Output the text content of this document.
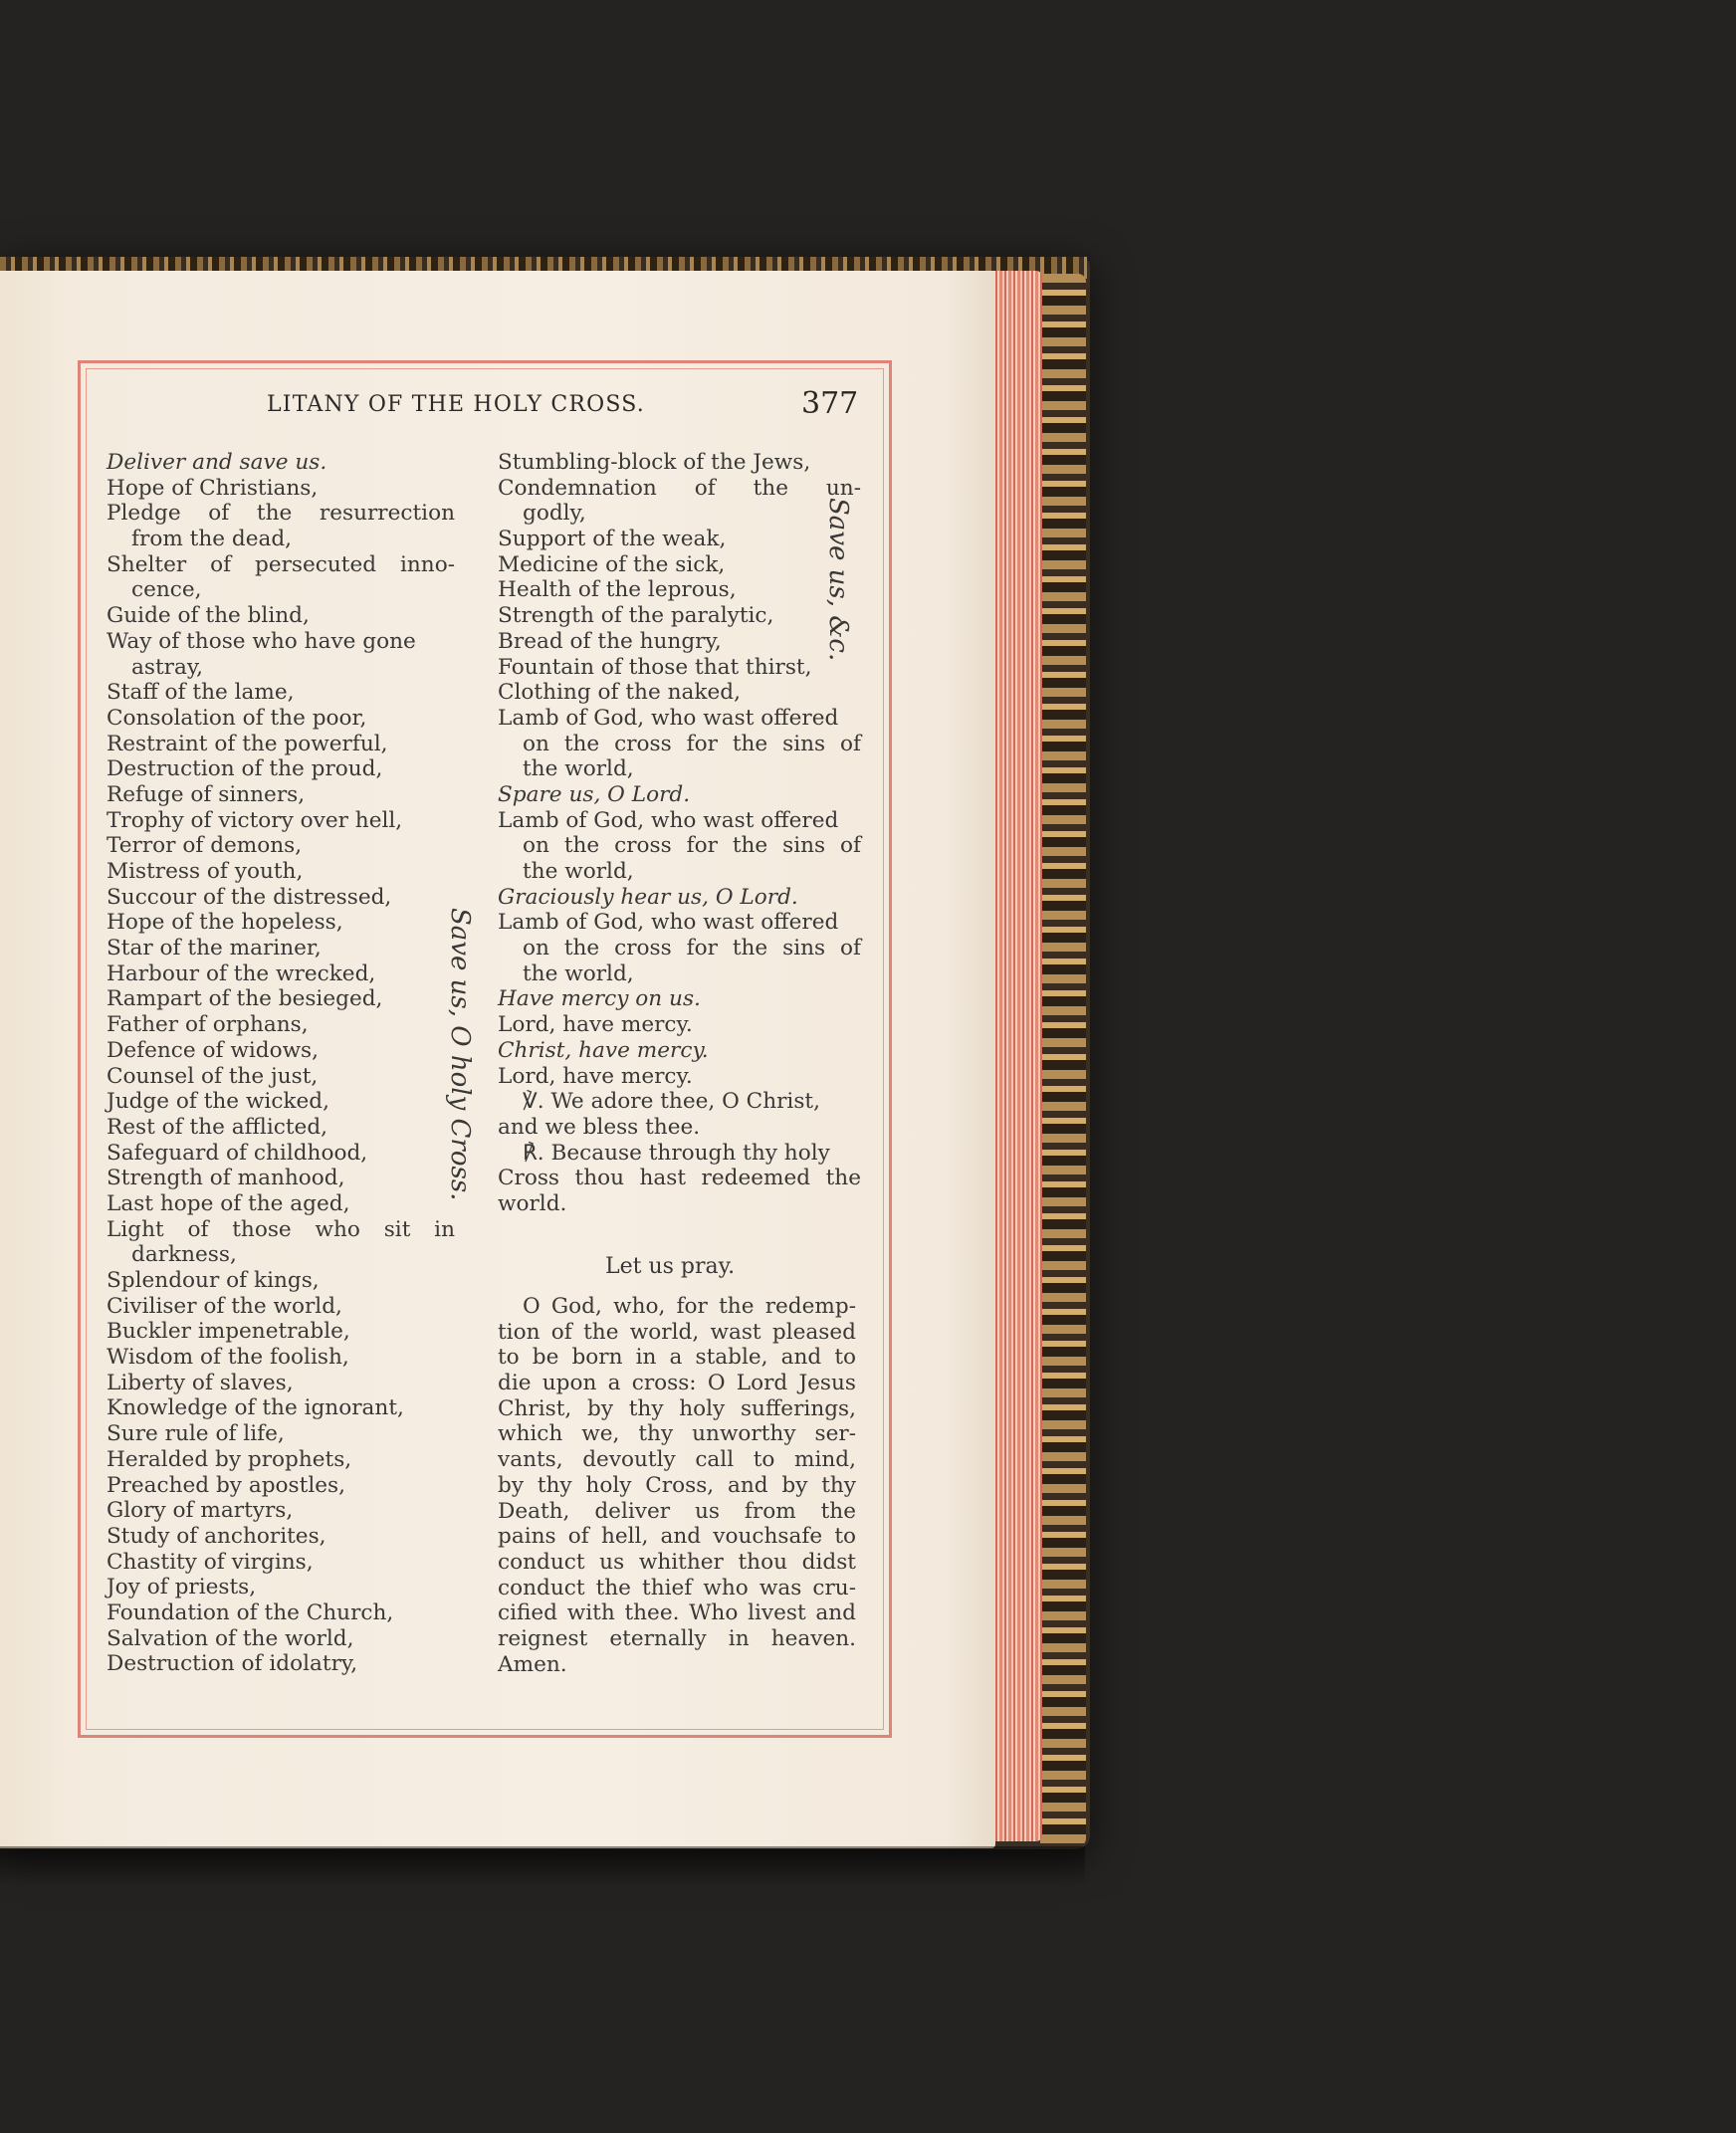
LITANY OF THE HOLY CROSS.	377
Deliver and save us.
Hope of Christians,
Pledge of the resurrection
from the dead,
Shelter of persecuted inno-
cence,
Guide of the blind,
Way of those who have gone
astray,
Staff of the lame,
Consolation of the poor,
Restraint of the powerful,
Destruction of the proud,
Refuge of sinners,
Trophy of victory over hell,
Terror of demons,
Mistress of youth,
Succour of the distressed,
Hope of the hopeless,
Star of the mariner,
Harbour of the wrecked,
Rampart of the besieged,
Father of orphans,
Defence of widows,
Counsel of the just,
Judge of the wicked,
Rest of the afflicted,
Safeguard of childhood,
Strength of manhood,
Last hope of the aged,
Light of those who sit in
darkness,
Splendour of kings,
Civiliser of the world,
Buckler impenetrable,
Wisdom of the foolish,
Liberty of slaves,
Knowledge of the ignorant,
Sure rule of life,
Heralded by prophets,
Preached by apostles,
Glory of martyrs,
Study of anchorites,
Chastity of virgins,
Joy of priests,
Foundation of the Church,
Salvation of the world,
Destruction of idolatry,
Save us, O holy Cross.
Stumbling-block of the Jews,
Condemnation of the un-
godly,
Support of the weak,
Medicine of the sick,
Health of the leprous,
Strength of the paralytic,
Bread of the hungry,
Fountain of those that thirst,
Clothing of the naked,
Lamb of God, who wast offered
on the cross for the sins of
the world,
Spare us, O Lord.
Lamb of God, who wast offered
on the cross for the sins of
the world,
Graciously hear us, O Lord.
Lamb of God, who wast offered
on the cross for the sins of
the world,
Have mercy on us.
Lord, have mercy.
Christ, have mercy.
Lord, have mercy.
℣. We adore thee, O Christ,
and we bless thee.
℟. Because through thy holy
Cross thou hast redeemed the
world.
Save us, &c.
Let us pray.
O God, who, for the redemp-
tion of the world, wast pleased
to be born in a stable, and to
die upon a cross: O Lord Jesus
Christ, by thy holy sufferings,
which we, thy unworthy ser-
vants, devoutly call to mind,
by thy holy Cross, and by thy
Death, deliver us from the
pains of hell, and vouchsafe to
conduct us whither thou didst
conduct the thief who was cru-
cified with thee. Who livest and
reignest eternally in heaven.
Amen.
